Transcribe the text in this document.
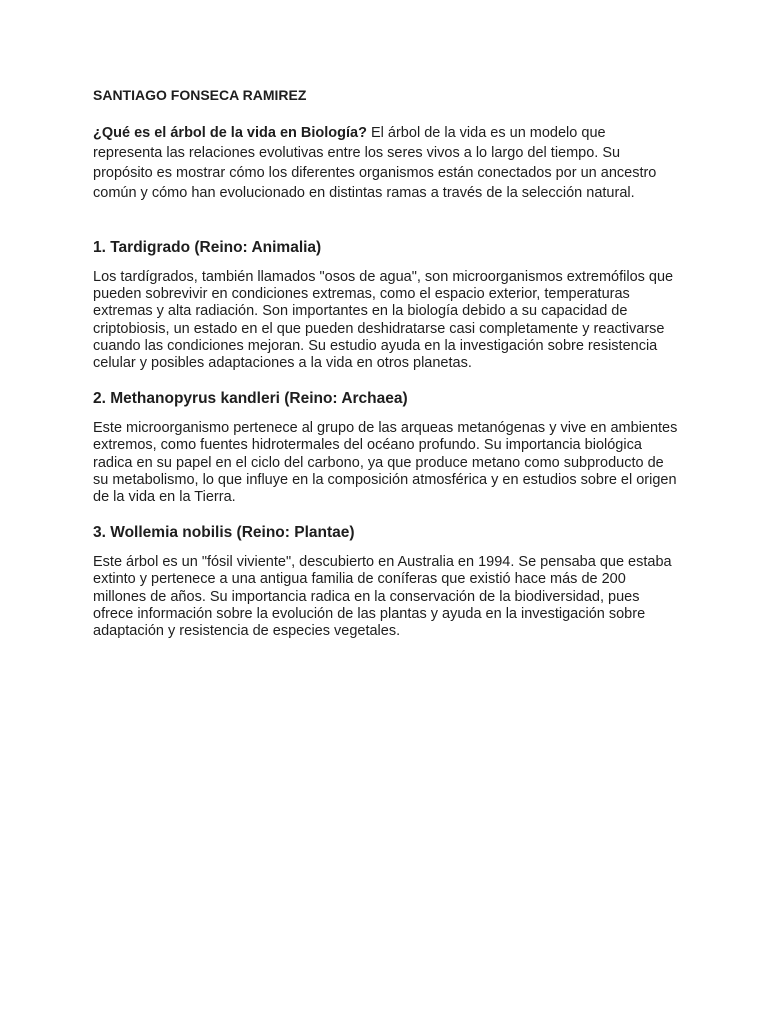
SANTIAGO FONSECA RAMIREZ

¿Qué es el árbol de la vida en Biología? El árbol de la vida es un modelo que representa las relaciones evolutivas entre los seres vivos a lo largo del tiempo. Su propósito es mostrar cómo los diferentes organismos están conectados por un ancestro común y cómo han evolucionado en distintas ramas a través de la selección natural.

1. Tardigrado (Reino: Animalia)

Los tardígrados, también llamados "osos de agua", son microorganismos extremófilos que pueden sobrevivir en condiciones extremas, como el espacio exterior, temperaturas extremas y alta radiación. Son importantes en la biología debido a su capacidad de criptobiosis, un estado en el que pueden deshidratarse casi completamente y reactivarse cuando las condiciones mejoran. Su estudio ayuda en la investigación sobre resistencia celular y posibles adaptaciones a la vida en otros planetas.

2. Methanopyrus kandleri (Reino: Archaea)

Este microorganismo pertenece al grupo de las arqueas metanógenas y vive en ambientes extremos, como fuentes hidrotermales del océano profundo. Su importancia biológica radica en su papel en el ciclo del carbono, ya que produce metano como subproducto de su metabolismo, lo que influye en la composición atmosférica y en estudios sobre el origen de la vida en la Tierra.

3. Wollemia nobilis (Reino: Plantae)

Este árbol es un "fósil viviente", descubierto en Australia en 1994. Se pensaba que estaba extinto y pertenece a una antigua familia de coníferas que existió hace más de 200 millones de años. Su importancia radica en la conservación de la biodiversidad, pues ofrece información sobre la evolución de las plantas y ayuda en la investigación sobre adaptación y resistencia de especies vegetales.
